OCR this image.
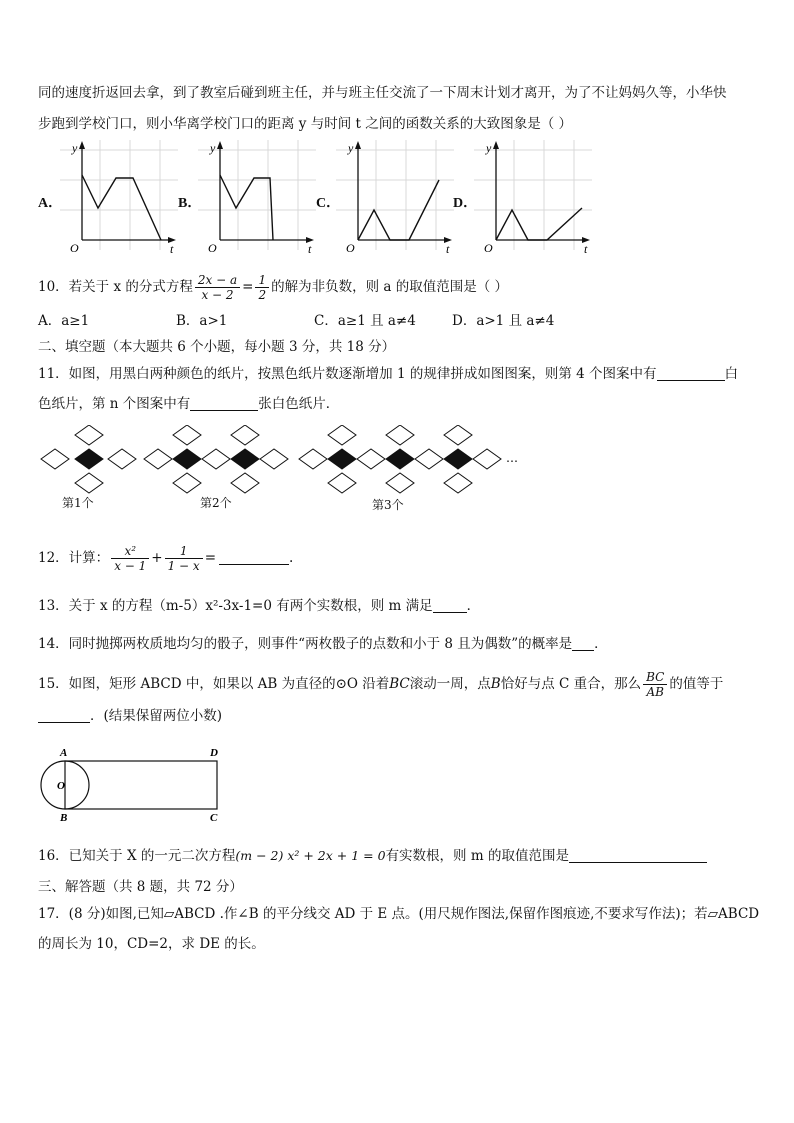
同的速度折返回去拿，到了教室后碰到班主任，并与班主任交流了一下周末计划才离开，为了不让妈妈久等，小华快
步跑到学校门口，则小华离学校门口的距离 y 与时间 t 之间的函数关系的大致图象是（ ）
A．	B．	C．	D．
y
t
O
y
t
O
y
t
O
y
t
O
10．若关于 x 的分式方程 $\frac{2x - a}{x - 2} = \frac{1}{2}$ 的解为非负数，则 a 的取值范围是（ ）
A．a≥1	B．a>1	C．a≥1 且 a≠4	D．a>1 且 a≠4
二、填空题（本大题共 6 个小题，每小题 3 分，共 18 分）
11．如图，用黑白两种颜色的纸片，按黑色纸片数逐渐增加 1 的规律拼成如图图案，则第 4 个图案中有	白
色纸片，第 n 个图案中有	张白色纸片．
…
第1个	第2个	第3个
12．计算： $\frac{\text{x²}}{x - 1} + \frac{1}{1 - x}$ =	.
13．关于 x 的方程（m-5）x²-3x-1=0 有两个实数根，则 m 满足	．
14．同时抛掷两枚质地均匀的骰子，则事件“两枚骰子的点数和小于 8 且为偶数”的概率是 ．
15．如图，矩形 ABCD 中，如果以 AB 为直径的⊙O 沿着BC滚动一周，点B恰好与点 C 重合，那么 $\frac{BC}{AB}$ 的值等于
．(结果保留两位小数)
A	D
O
B	C
16．已知关于 X 的一元二次方程(m − 2) x² + 2x + 1 = 0有实数根，则 m 的取值范围是
三、解答题（共 8 题，共 72 分）
17．(8 分)如图,已知▱ABCD .作∠B 的平分线交 AD 于 E 点。(用尺规作图法,保留作图痕迹,不要求写作法)；若▱ABCD
的周长为 10，CD=2，求 DE 的长。
